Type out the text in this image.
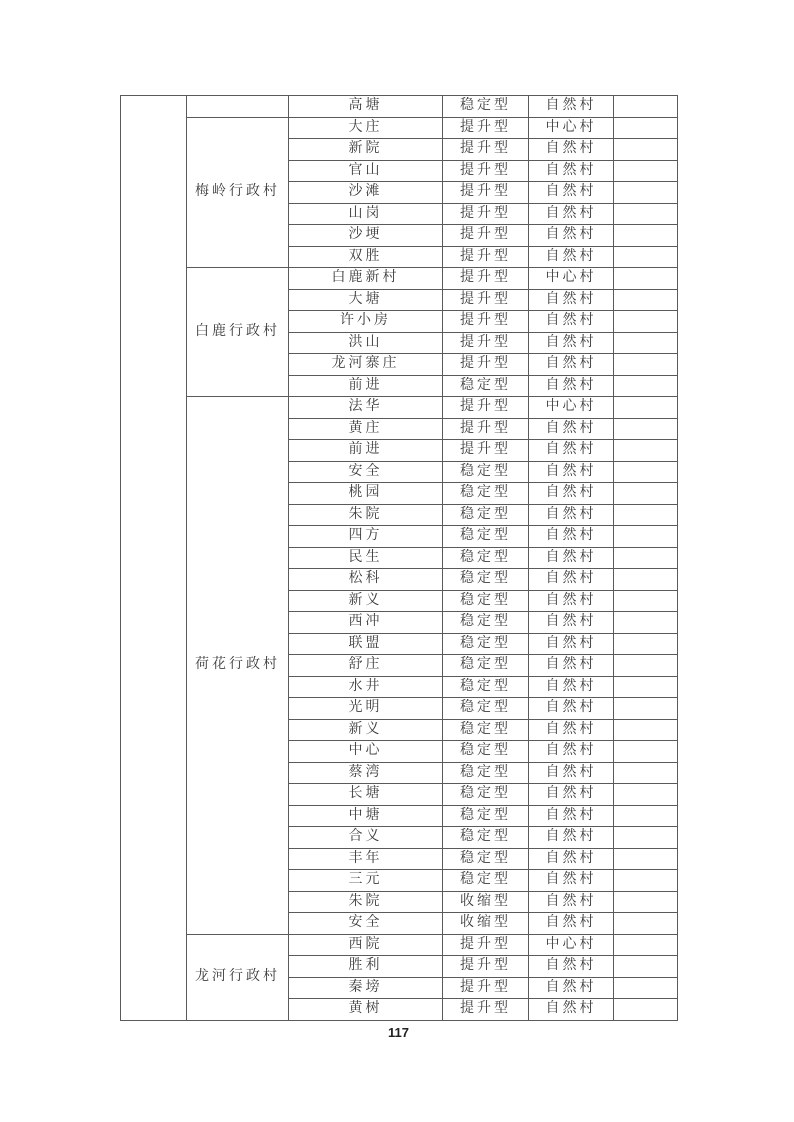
		高塘	稳定型	自然村	
	梅岭行政村	大庄	提升型	中心村	
		新院	提升型	自然村	
		官山	提升型	自然村	
		沙滩	提升型	自然村	
		山岗	提升型	自然村	
		沙埂	提升型	自然村	
		双胜	提升型	自然村	
	白鹿行政村	白鹿新村	提升型	中心村	
		大塘	提升型	自然村	
		许小房	提升型	自然村	
		洪山	提升型	自然村	
		龙河寨庄	提升型	自然村	
		前进	稳定型	自然村	
	荷花行政村	法华	提升型	中心村	
		黄庄	提升型	自然村	
		前进	提升型	自然村	
		安全	稳定型	自然村	
		桃园	稳定型	自然村	
		朱院	稳定型	自然村	
		四方	稳定型	自然村	
		民生	稳定型	自然村	
		松科	稳定型	自然村	
		新义	稳定型	自然村	
		西冲	稳定型	自然村	
		联盟	稳定型	自然村	
		舒庄	稳定型	自然村	
		水井	稳定型	自然村	
		光明	稳定型	自然村	
		新义	稳定型	自然村	
		中心	稳定型	自然村	
		蔡湾	稳定型	自然村	
		长塘	稳定型	自然村	
		中塘	稳定型	自然村	
		合义	稳定型	自然村	
		丰年	稳定型	自然村	
		三元	稳定型	自然村	
		朱院	收缩型	自然村	
		安全	收缩型	自然村	
	龙河行政村	西院	提升型	中心村	
		胜利	提升型	自然村	
		秦塝	提升型	自然村	
		黄树	提升型	自然村	
117
